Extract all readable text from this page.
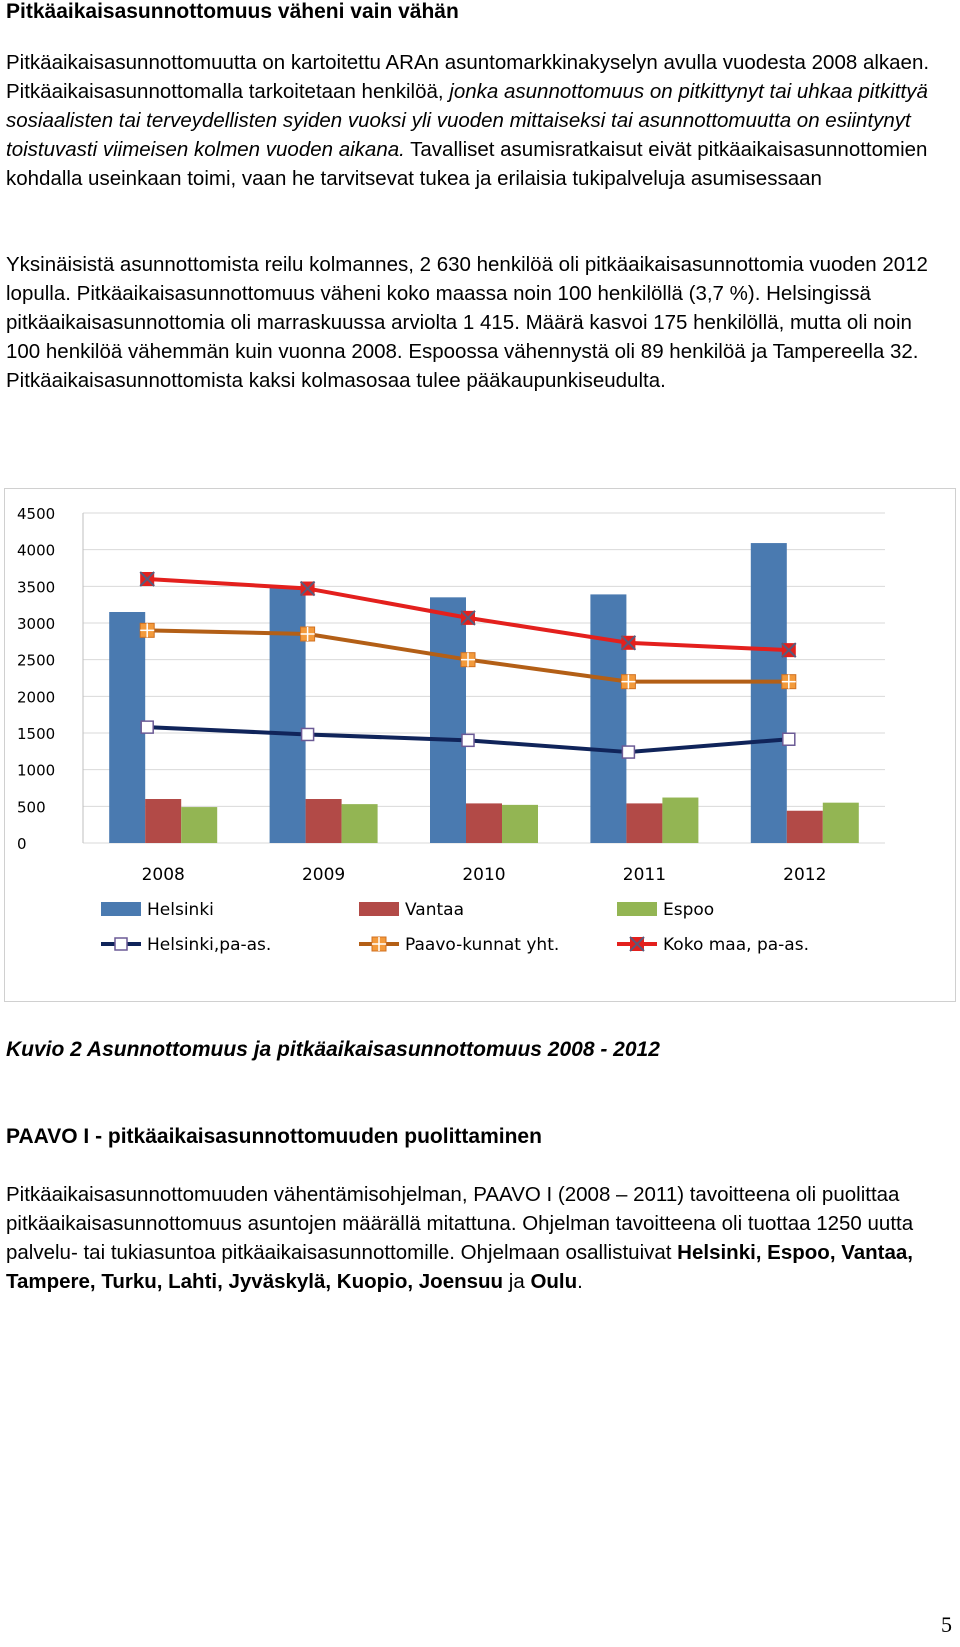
Pitkäaikaisasunnottomuus väheni vain vähän

Pitkäaikaisasunnottomuutta on kartoitettu ARAn asuntomarkkinakyselyn avulla vuodesta 2008 alkaen. Pitkäaikaisasunnottomalla tarkoitetaan henkilöä, jonka asunnottomuus on pitkittynyt tai uhkaa pitkittyä sosiaalisten tai terveydellisten syiden vuoksi yli vuoden mittaiseksi tai asunnottomuutta on esiintynyt toistuvasti viimeisen kolmen vuoden aikana. Tavalliset asumisratkaisut eivät pitkäaikaisasunnottomien kohdalla useinkaan toimi, vaan he tarvitsevat tukea ja erilaisia tukipalveluja asumisessaan

Yksinäisistä asunnottomista reilu kolmannes, 2 630 henkilöä oli pitkäaikaisasunnottomia vuoden 2012 lopulla. Pitkäaikaisasunnottomuus väheni koko maassa noin 100 henkilöllä (3,7 %). Helsingissä pitkäaikaisasunnottomia oli marraskuussa arviolta 1 415. Määrä kasvoi 175 henkilöllä, mutta oli noin 100 henkilöä vähemmän kuin vuonna 2008. Espoossa vähennystä oli 89 henkilöä ja Tampereella 32. Pitkäaikaisasunnottomista kaksi kolmasosaa tulee pääkaupunkiseudulta.

0
500
1000
1500
2000
2500
3000
3500
4000
4500
2008	2009	2010	2011	2012
Helsinki	Vantaa	Espoo
Helsinki,pa-as.	Paavo-kunnat yht.	Koko maa, pa-as.
Kuvio 2 Asunnottomuus ja pitkäaikaisasunnottomuus 2008 - 2012
PAAVO I - pitkäaikaisasunnottomuuden puolittaminen

Pitkäaikaisasunnottomuuden vähentämisohjelman, PAAVO I (2008 – 2011) tavoitteena oli puolittaa pitkäaikaisasunnottomuus asuntojen määrällä mitattuna. Ohjelman tavoitteena oli tuottaa 1250 uutta palvelu- tai tukiasuntoa pitkäaikaisasunnottomille. Ohjelmaan osallistuivat Helsinki, Espoo, Vantaa, Tampere, Turku, Lahti, Jyväskylä, Kuopio, Joensuu ja Oulu.

5
